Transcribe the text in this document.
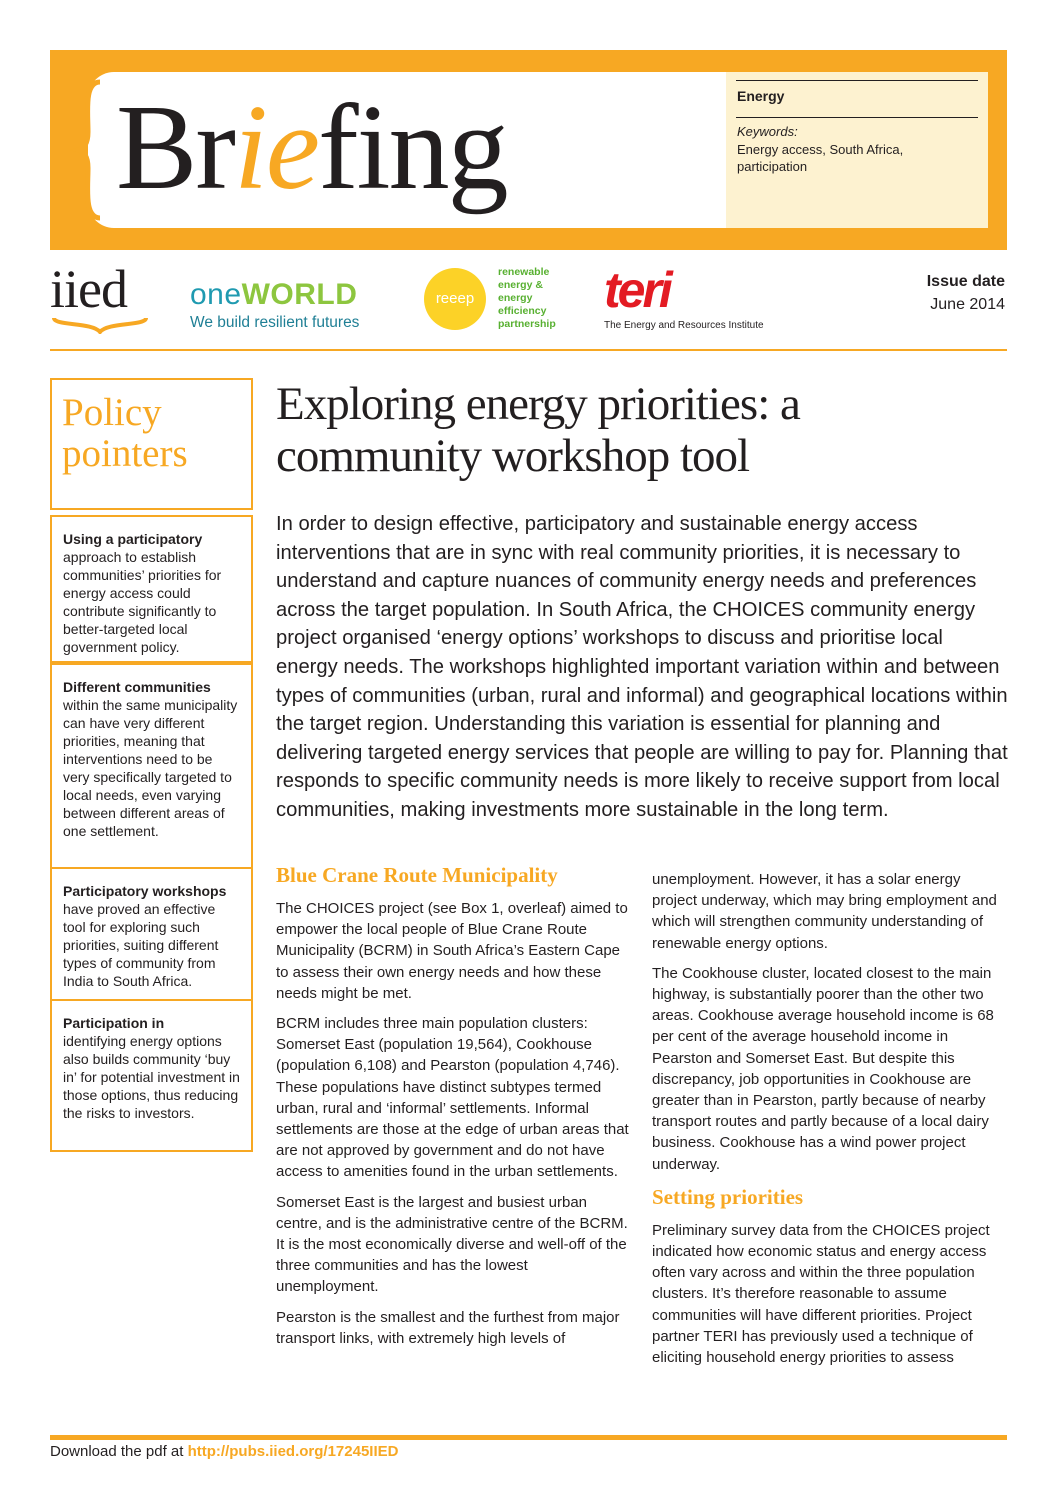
Briefing	Energy
Keywords:
Energy access, South Africa, participation
iied oneWORLD
We build resilient futures
reeep
renewable energy & energy efficiency partnership
teri
The Energy and Resources Institute
Issue date
June 2014
Policy pointers
Using a participatory
approach to establish communities’ priorities for energy access could contribute significantly to better-targeted local government policy.
Different communities
within the same municipality can have very different priorities, meaning that interventions need to be very specifically targeted to local needs, even varying between different areas of one settlement.
Participatory workshops
have proved an effective tool for exploring such priorities, suiting different types of community from India to South Africa.
Participation in
identifying energy options also builds community ‘buy in’ for potential investment in those options, thus reducing the risks to investors.
Exploring energy priorities: a community workshop tool
In order to design effective, participatory and sustainable energy access interventions that are in sync with real community priorities, it is necessary to understand and capture nuances of community energy needs and preferences across the target population. In South Africa, the CHOICES community energy project organised ‘energy options’ workshops to discuss and prioritise local energy needs. The workshops highlighted important variation within and between types of communities (urban, rural and informal) and geographical locations within the target region. Understanding this variation is essential for planning and delivering targeted energy services that people are willing to pay for. Planning that responds to specific community needs is more likely to receive support from local communities, making investments more sustainable in the long term.
Blue Crane Route Municipality

The CHOICES project (see Box 1, overleaf) aimed to empower the local people of Blue Crane Route Municipality (BCRM) in South Africa’s Eastern Cape to assess their own energy needs and how these needs might be met.

BCRM includes three main population clusters: Somerset East (population 19,564), Cookhouse (population 6,108) and Pearston (population 4,746). These populations have distinct subtypes termed urban, rural and ‘informal’ settlements. Informal settlements are those at the edge of urban areas that are not approved by government and do not have access to amenities found in the urban settlements.

Somerset East is the largest and busiest urban centre, and is the administrative centre of the BCRM. It is the most economically diverse and well-off of the three communities and has the lowest unemployment.

Pearston is the smallest and the furthest from major transport links, with extremely high levels of

unemployment. However, it has a solar energy project underway, which may bring employment and which will strengthen community understanding of renewable energy options.

The Cookhouse cluster, located closest to the main highway, is substantially poorer than the other two areas. Cookhouse average household income is 68 per cent of the average household income in Pearston and Somerset East. But despite this discrepancy, job opportunities in Cookhouse are greater than in Pearston, partly because of nearby transport routes and partly because of a local dairy business. Cookhouse has a wind power project underway.

Setting priorities

Preliminary survey data from the CHOICES project indicated how economic status and energy access often vary across and within the three population clusters. It’s therefore reasonable to assume communities will have different priorities. Project partner TERI has previously used a technique of eliciting household energy priorities to assess

Download the pdf at http://pubs.iied.org/17245IIED
